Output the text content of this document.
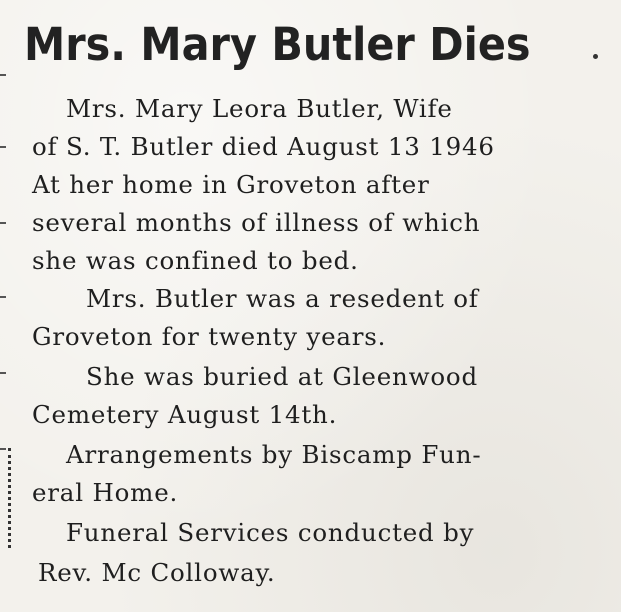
Mrs. Mary Butler Dies
Mrs. Mary Leora Butler, Wife
of S. T. Butler died August 13 1946
At her home in Groveton after
several months of illness of which
she was confined to bed.
Mrs. Butler was a resedent of
Groveton for twenty years.
She was buried at Gleenwood
Cemetery August 14th.
Arrangements by Biscamp Fun-
eral Home.
Funeral Services conducted by
Rev. Mc Colloway.
